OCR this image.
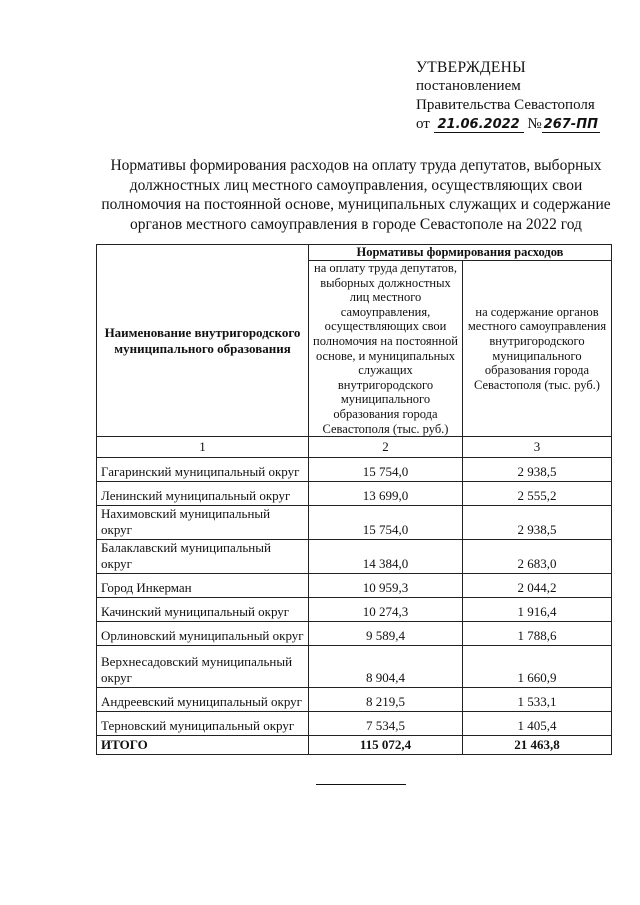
УТВЕРЖДЕНЫ
постановлением
Правительства Севастополя
от 21.06.2022 № 267-ПП
Нормативы формирования расходов на оплату труда депутатов, выборных должностных лиц местного самоуправления, осуществляющих свои полномочия на постоянной основе, муниципальных служащих и содержание органов местного самоуправления в городе Севастополе на 2022 год
Наименование внутригородского муниципального образования	Нормативы формирования расходов	
	на оплату труда депутатов, выборных должностных лиц местного самоуправления, осуществляющих свои полномочия на постоянной основе, и муниципальных служащих внутригородского муниципального образования города Севастополя (тыс. руб.)	на содержание органов местного самоуправления внутригородского муниципального образования города Севастополя (тыс. руб.)
1	2	3
Гагаринский муниципальный округ	15 754,0	2 938,5
Ленинский муниципальный округ	13 699,0	2 555,2
Нахимовский муниципальный округ	15 754,0	2 938,5
Балаклавский муниципальный округ	14 384,0	2 683,0
Город Инкерман	10 959,3	2 044,2
Качинский муниципальный округ	10 274,3	1 916,4
Орлиновский муниципальный округ	9 589,4	1 788,6
Верхнесадовский муниципальный округ	8 904,4	1 660,9
Андреевский муниципальный округ	8 219,5	1 533,1
Терновский муниципальный округ	7 534,5	1 405,4
ИТОГО	115 072,4	21 463,8
